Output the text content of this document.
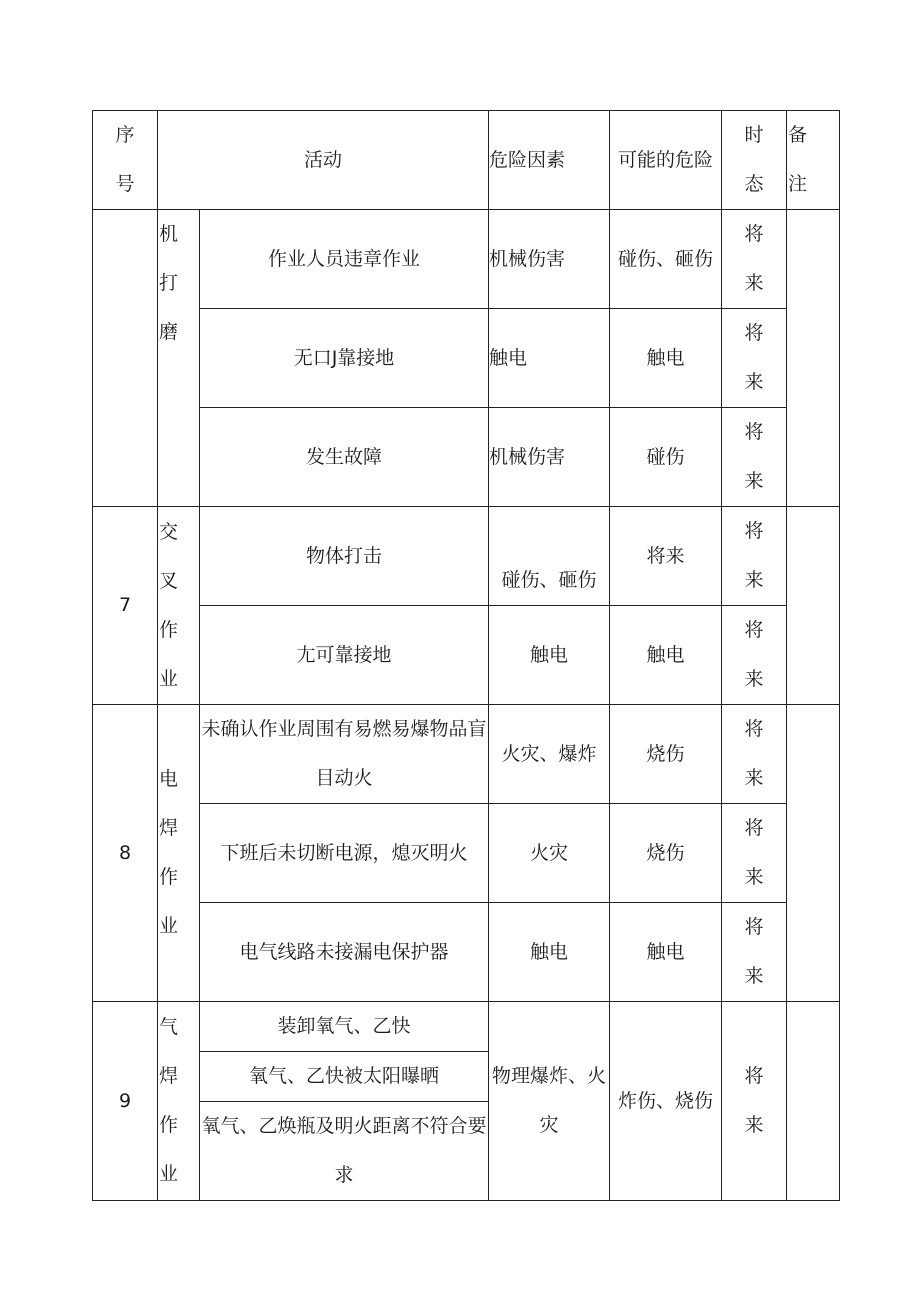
序号	活动		危险因素	可能的危险	时态	备注

	机打磨	作业人员违章作业	机械伤害	碰伤、砸伤	将来	

		无口J靠接地	触电	触电	将来	

		发生故障	机械伤害	碰伤	将来	

7	交叉作业	物体打击	碰伤、砸伤	将来	将来	

		尢可靠接地	触电	触电	将来	

8	电焊作业	未确认作业周围有易燃易爆物品盲目动火	火灾、爆炸	烧伤	将来	

		下班后未切断电源，熄灭明火	火灾	烧伤	将来	

		电气线路未接漏电保护器	触电	触电	将来	

9	气焊作业	装卸氧气、乙快	物理爆炸、火灾	炸伤、烧伤	将来	

		氧气、乙快被太阳曝晒				
		氧气、乙焕瓶及明火距离不符合要求				
